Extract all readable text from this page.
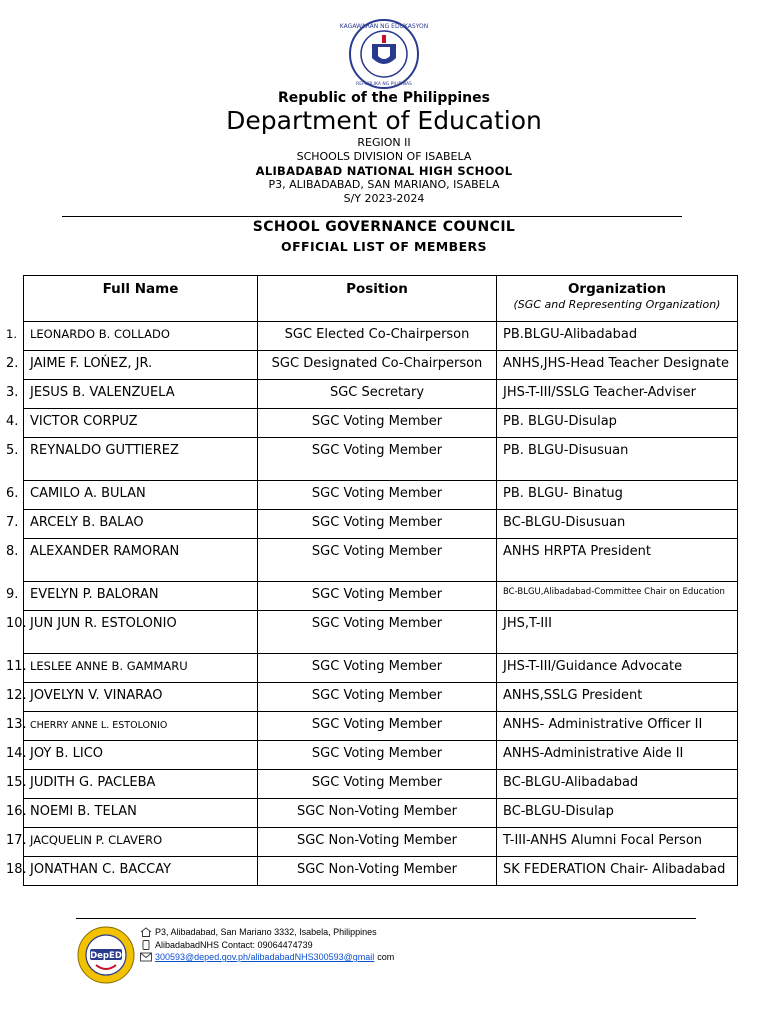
KAGAWARAN NG EDUKASYON
REPUBLIKA NG PILIPINAS
Republic of the Philippines
Department of Education
REGION II
SCHOOLS DIVISION OF ISABELA
ALIBADABAD NATIONAL HIGH SCHOOL
P3, ALIBADABAD, SAN MARIANO, ISABELA
S/Y 2023-2024
SCHOOL GOVERNANCE COUNCIL
OFFICIAL LIST OF MEMBERS
Full Name	Position	Organization
(SGC and Representing Organization)

1. LEONARDO B. COLLADO	SGC Elected Co-Chairperson	PB.BLGU-Alibadabad
2. JAIME F. LOŃEZ, JR.	SGC Designated Co-Chairperson	ANHS,JHS-Head Teacher Designate
3. JESUS B. VALENZUELA	SGC Secretary	JHS-T-III/SSLG Teacher-Adviser
4. VICTOR CORPUZ	SGC Voting Member	PB. BLGU-Disulap
5. REYNALDO GUTTIEREZ	SGC Voting Member	PB. BLGU-Disusuan
6. CAMILO A. BULAN	SGC Voting Member	PB. BLGU- Binatug
7. ARCELY B. BALAO	SGC Voting Member	BC-BLGU-Disusuan
8. ALEXANDER RAMORAN	SGC Voting Member	ANHS HRPTA President
9. EVELYN P. BALORAN	SGC Voting Member	BC-BLGU,Alibadabad-Committee Chair on Education
10. JUN JUN R. ESTOLONIO	SGC Voting Member	JHS,T-III
11. LESLEE ANNE B. GAMMARU	SGC Voting Member	JHS-T-III/Guidance Advocate
12. JOVELYN V. VINARAO	SGC Voting Member	ANHS,SSLG President
13. CHERRY ANNE L. ESTOLONIO	SGC Voting Member	ANHS- Administrative Officer II
14. JOY B. LICO	SGC Voting Member	ANHS-Administrative Aide II
15. JUDITH G. PACLEBA	SGC Voting Member	BC-BLGU-Alibadabad
16. NOEMI B. TELAN	SGC Non-Voting Member	BC-BLGU-Disulap
17. JACQUELIN P. CLAVERO	SGC Non-Voting Member	T-III-ANHS Alumni Focal Person
18. JONATHAN C. BACCAY	SGC Non-Voting Member	SK FEDERATION Chair- Alibadabad
DepED
P3, Alibadabad, San Mariano 3332, Isabela, Philippines
AlibadabadNHS Contact: 09064474739
300593@deped.gov.ph/alibadabadNHS300593@gmail com
